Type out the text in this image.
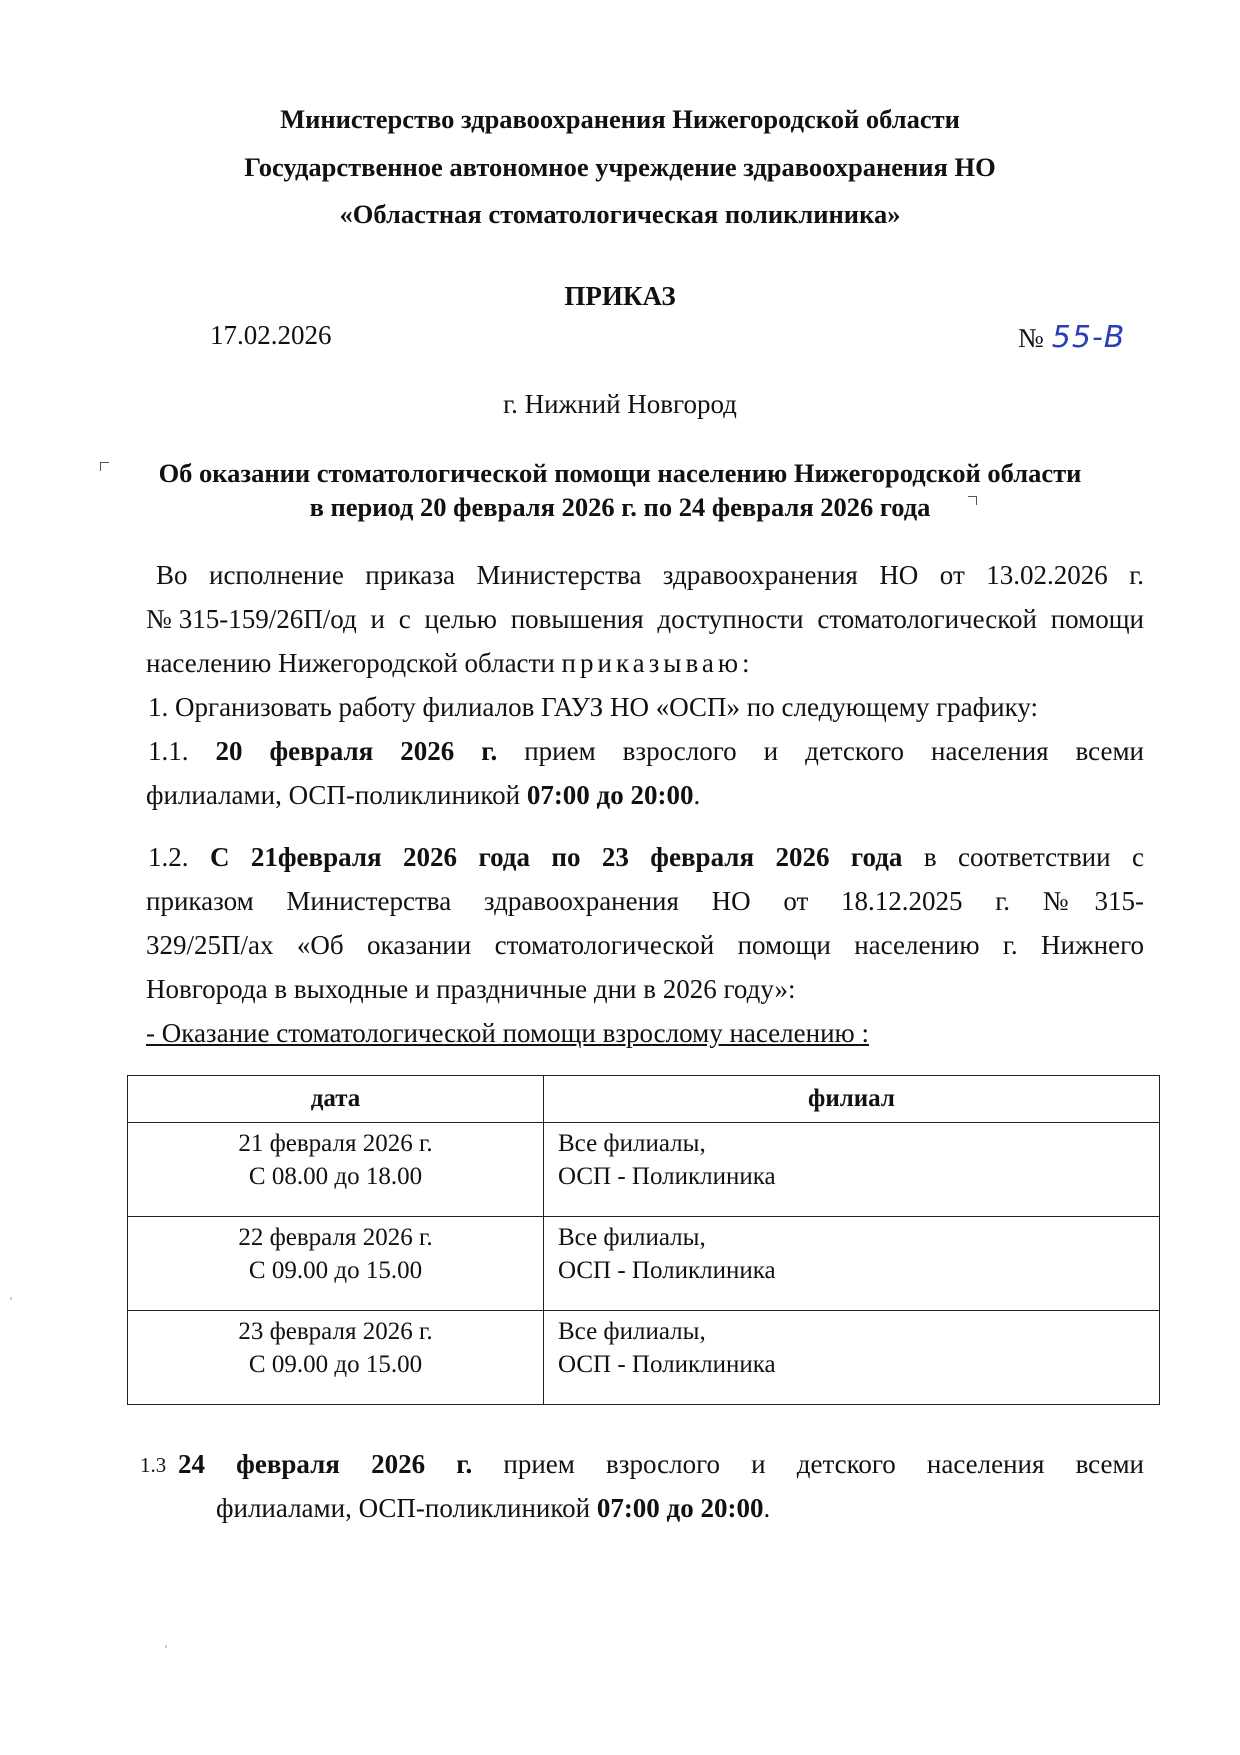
Министерство здравоохранения Нижегородской области
Государственное автономное учреждение здравоохранения НО
«Областная стоматологическая поликлиника»
ПРИКАЗ
17.02.2026	№ 55-В
г. Нижний Новгород
Об оказании стоматологической помощи населению Нижегородской области
в период 20 февраля 2026 г. по 24 февраля 2026 года
Во исполнение приказа Министерства здравоохранения НО от 13.02.2026 г.
№315-159/26П/од и с целью повышения доступности стоматологической помощи
населению Нижегородской области приказываю:
1. Организовать работу филиалов ГАУЗ НО «ОСП» по следующему графику:
1.1. 20 февраля 2026 г. прием взрослого и детского населения всеми
филиалами, ОСП-поликлиникой 07:00 до 20:00.
1.2. С 21февраля 2026 года по 23 февраля 2026 года в соответствии с
приказом Министерства здравоохранения НО от 18.12.2025 г. №315-
329/25П/ах «Об оказании стоматологической помощи населению г. Нижнего
Новгорода в выходные и праздничные дни в 2026 году»:
- Оказание стоматологической помощи взрослому населению :
дата	филиал

21 февраля 2026 г.
С 08.00 до 18.00	Все филиалы,
ОСП - Поликлиника

22 февраля 2026 г.
С 09.00 до 15.00	Все филиалы,
ОСП - Поликлиника

23 февраля 2026 г.
С 09.00 до 15.00	Все филиалы,
ОСП - Поликлиника
1.3 24 февраля 2026 г. прием взрослого и детского населения всеми
филиалами, ОСП-поликлиникой 07:00 до 20:00.
